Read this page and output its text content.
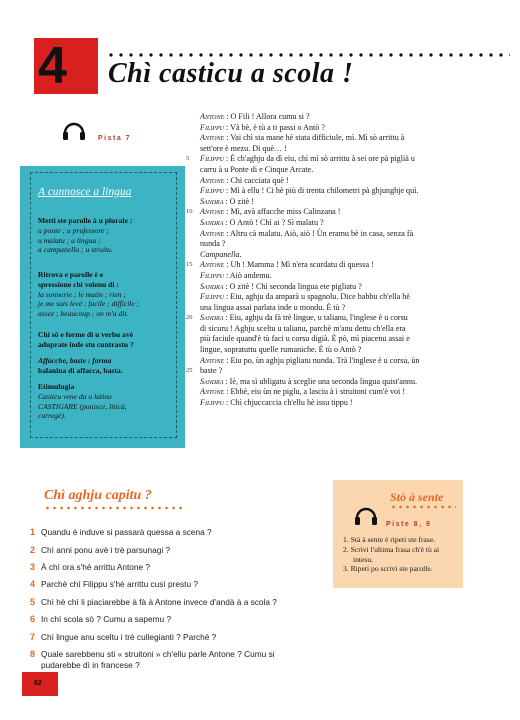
4 Chì casticu a scola !
Pista 7
A cunnosce a lingua
Metti ste parolle à u plurale :
u ponte ; u prufessore ;
u malatu ; a lingua ;
a campanella ; u struitu.
Ritrova e parolle è e
spressione chì volenu di :
la sonnerie ; le matin ; rien ;
je me suis levé ; facile ; difficile ;
assez ; beaucoup ; on m'a dit.
Chì sò e forme di u verbu avè
aduprate inde stu cuntrastu ?
Affacche, baste : forma
balanina di affacca, basta.
Etimulugia
Casticu vene da u latinu
CASTIGARE (punisce, liticà,
curregè).
5
10
15
20
25
Antone : O Fili ! Allora cumu si ?
Filippu : Và bè, è tù a ti passi o Antò ?
Antone : Vai chì sta mane hè stata difficiule, mì. Mì sò arrittu à
sett'ore è mezu. Di què… !
Filippu : È ch'aghju da dì eiu, chì mì sò arrittu à sei ore pà piglià u
carru à u Ponte di e Cinque Arcate.
Antone : Chì cacciata què !
Filippu : Mì à ellu ! Ci hè più di trenta chilometri pà ghjunghje quì.
Sandra : O zitè !
Antone : Mì, avà affacche miss Calinzana !
Sandra : O Antò ! Chì ai ? Sì malatu ?
Antone : Altru cà malatu. Aiò, aiò ! Ùn eramu bè in casa, senza fà
nunda ?
Campanella.
Antone : Uh ! Mamma ! Mì n'era scurdatu di quessa !
Filippu : Aiò andemu.
Sandra : O zitè ! Chì seconda lingua ete pigliatu ?
Filippu : Eiu, aghju da amparà u spagnolu. Dice babbu ch'ella hè
una lingua assai parlata inde u mondu. È tù ?
Sandra : Eiu, aghju da fà trè lingue, u talianu, l'inglese è u corsu
di sicuru ! Aghju sceltu u talianu, parchè m'anu dettu ch'ella era
più faciule quand'è tù faci u corsu digià. È pò, mì piacenu assai e
lingue, sopratuttu quelle rumaniche. È tù o Antò ?
Antone : Eiu po, ùn aghju pigliatu nunda. Trà l'inglese è u corsu, ùn
baste ?
Sandra : Iè, ma sì ubligatu à sceglie una seconda lingua quist'annu.
Antone : Ebbè, eiu ùn ne piglu, a lasciu à i struitoni cum'è voi !
Filippu : Chì chjuccaccia ch'ellu hè issu tippu !
Chì aghju capitu ?
1 Quandu è induve si passarà quessa a scena ?
2 Chì anni ponu avè i trè parsunagi ?
3 À chì ora s'hè arrittu Antone ?
4 Parchè chì Filippu s'hè arrittu cusì prestu ?
5 Chì hè chì li piaciarebbe à fà à Antone invece d'andà à a scola ?
6 In chì scola sò ? Cumu a sapemu ?
7 Chì lingue anu sceltu i trè cullegianti ? Parchè ?
8 Quale sarebbenu sti « struitoni » ch'ellu parle Antone ? Cumu si
pudarebbe dì in francese ?
Stò à sente
Piste 8, 9
1. Stà à sente è ripeti ste frase.
2. Scrivi l'ultima frasa ch'è tù ai
intesu.
3. Ripeti po scrivi ste parolle.
82
